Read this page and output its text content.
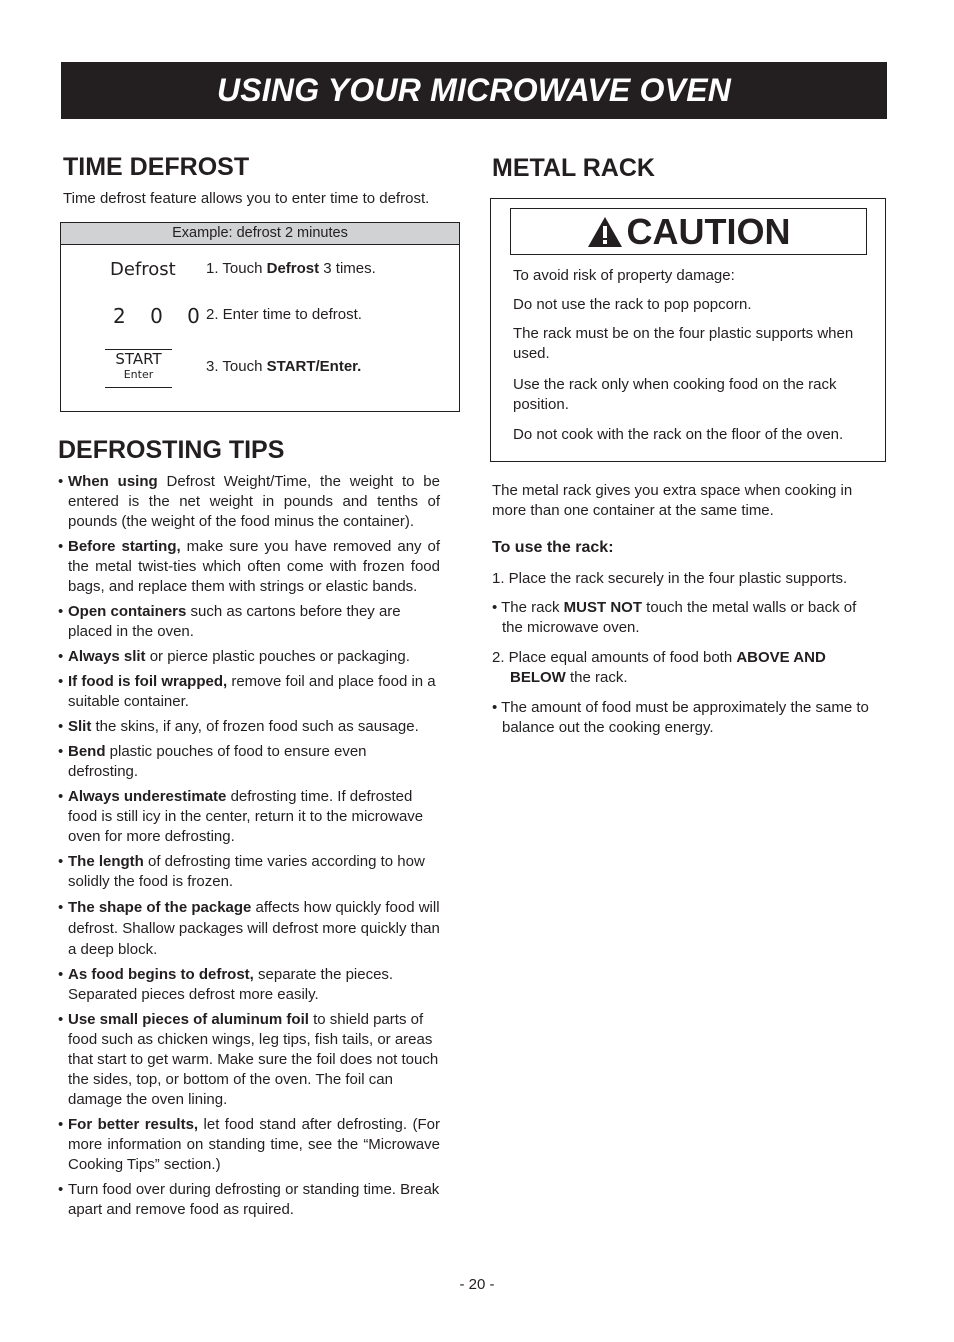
USING YOUR MICROWAVE OVEN
TIME DEFROST
Time defrost feature allows you to enter time to defrost.
Example: defrost 2 minutes
Defrost
2 0 0
START
Enter
1. Touch Defrost 3 times.
2. Enter time to defrost.
3. Touch START/Enter.
DEFROSTING TIPS
• When using Defrost Weight/Time, the weight to be entered is the net weight in pounds and tenths of pounds (the weight of the food minus the container).
• Before starting, make sure you have removed any of the metal twist-ties which often come with frozen food bags, and replace them with strings or elastic bands.
• Open containers such as cartons before they are placed in the oven.
• Always slit or pierce plastic pouches or packaging.
• If food is foil wrapped, remove foil and place food in a suitable container.
• Slit the skins, if any, of frozen food such as sausage.
• Bend plastic pouches of food to ensure even defrosting.
• Always underestimate defrosting time. If defrosted food is still icy in the center, return it to the microwave oven for more defrosting.
• The length of defrosting time varies according to how solidly the food is frozen.
• The shape of the package affects how quickly food will defrost. Shallow packages will defrost more quickly than a deep block.
• As food begins to defrost, separate the pieces. Separated pieces defrost more easily.
• Use small pieces of aluminum foil to shield parts of food such as chicken wings, leg tips, fish tails, or areas that start to get warm. Make sure the foil does not touch the sides, top, or bottom of the oven. The foil can damage the oven lining.
• For better results, let food stand after defrosting. (For more information on standing time, see the “Microwave Cooking Tips” section.)
• Turn food over during defrosting or standing time. Break apart and remove food as rquired.
METAL RACK
CAUTION

To avoid risk of property damage:

Do not use the rack to pop popcorn.

The rack must be on the four plastic supports when used.

Use the rack only when cooking food on the rack position.

Do not cook with the rack on the floor of the oven.

The metal rack gives you extra space when cooking in more than one container at the same time.

To use the rack:

1. Place the rack securely in the four plastic supports.

• The rack MUST NOT touch the metal walls or back of the microwave oven.

2. Place equal amounts of food both ABOVE AND BELOW the rack.

• The amount of food must be approximately the same to balance out the cooking energy.

- 20 -
